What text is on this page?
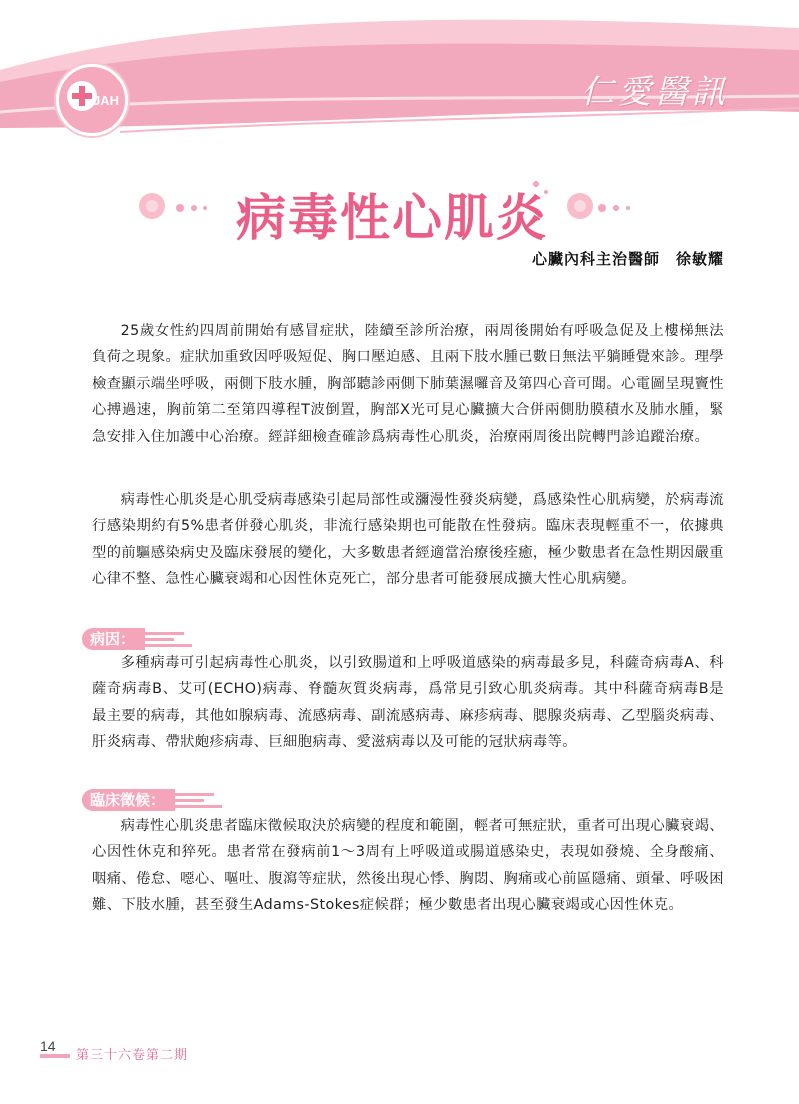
JAH	仁愛醫訊
病毒性心肌炎
心臟內科主治醫師　徐敏耀

25歲女性約四周前開始有感冒症狀，陸續至診所治療，兩周後開始有呼吸急促及上樓梯無法負荷之現象。症狀加重致因呼吸短促、胸口壓迫感、且兩下肢水腫已數日無法平躺睡覺來診。理學檢查顯示端坐呼吸，兩側下肢水腫，胸部聽診兩側下肺葉濕囉音及第四心音可聞。心電圖呈現竇性心搏過速，胸前第二至第四導程T波倒置，胸部X光可見心臟擴大合併兩側肋膜積水及肺水腫，緊急安排入住加護中心治療。經詳細檢查確診爲病毒性心肌炎，治療兩周後出院轉門診追蹤治療。

病毒性心肌炎是心肌受病毒感染引起局部性或瀰漫性發炎病變，爲感染性心肌病變，於病毒流行感染期約有5%患者併發心肌炎，非流行感染期也可能散在性發病。臨床表現輕重不一，依據典型的前驅感染病史及臨床發展的變化，大多數患者經適當治療後痊癒，極少數患者在急性期因嚴重心律不整、急性心臟衰竭和心因性休克死亡，部分患者可能發展成擴大性心肌病變。

病因：

多種病毒可引起病毒性心肌炎，以引致腸道和上呼吸道感染的病毒最多見，科薩奇病毒A、科薩奇病毒B、艾可(ECHO)病毒、脊髓灰質炎病毒，爲常見引致心肌炎病毒。其中科薩奇病毒B是最主要的病毒，其他如腺病毒、流感病毒、副流感病毒、麻疹病毒、腮腺炎病毒、乙型腦炎病毒、肝炎病毒、帶狀皰疹病毒、巨細胞病毒、愛滋病毒以及可能的冠狀病毒等。

臨床徵候：

病毒性心肌炎患者臨床徵候取決於病變的程度和範圍，輕者可無症狀，重者可出現心臟衰竭、心因性休克和猝死。患者常在發病前1～3周有上呼吸道或腸道感染史，表現如發燒、全身酸痛、咽痛、倦怠、噁心、嘔吐、腹瀉等症狀，然後出現心悸、胸悶、胸痛或心前區隱痛、頭暈、呼吸困難、下肢水腫，甚至發生Adams-Stokes症候群；極少數患者出現心臟衰竭或心因性休克。

14
第三十六卷第二期
